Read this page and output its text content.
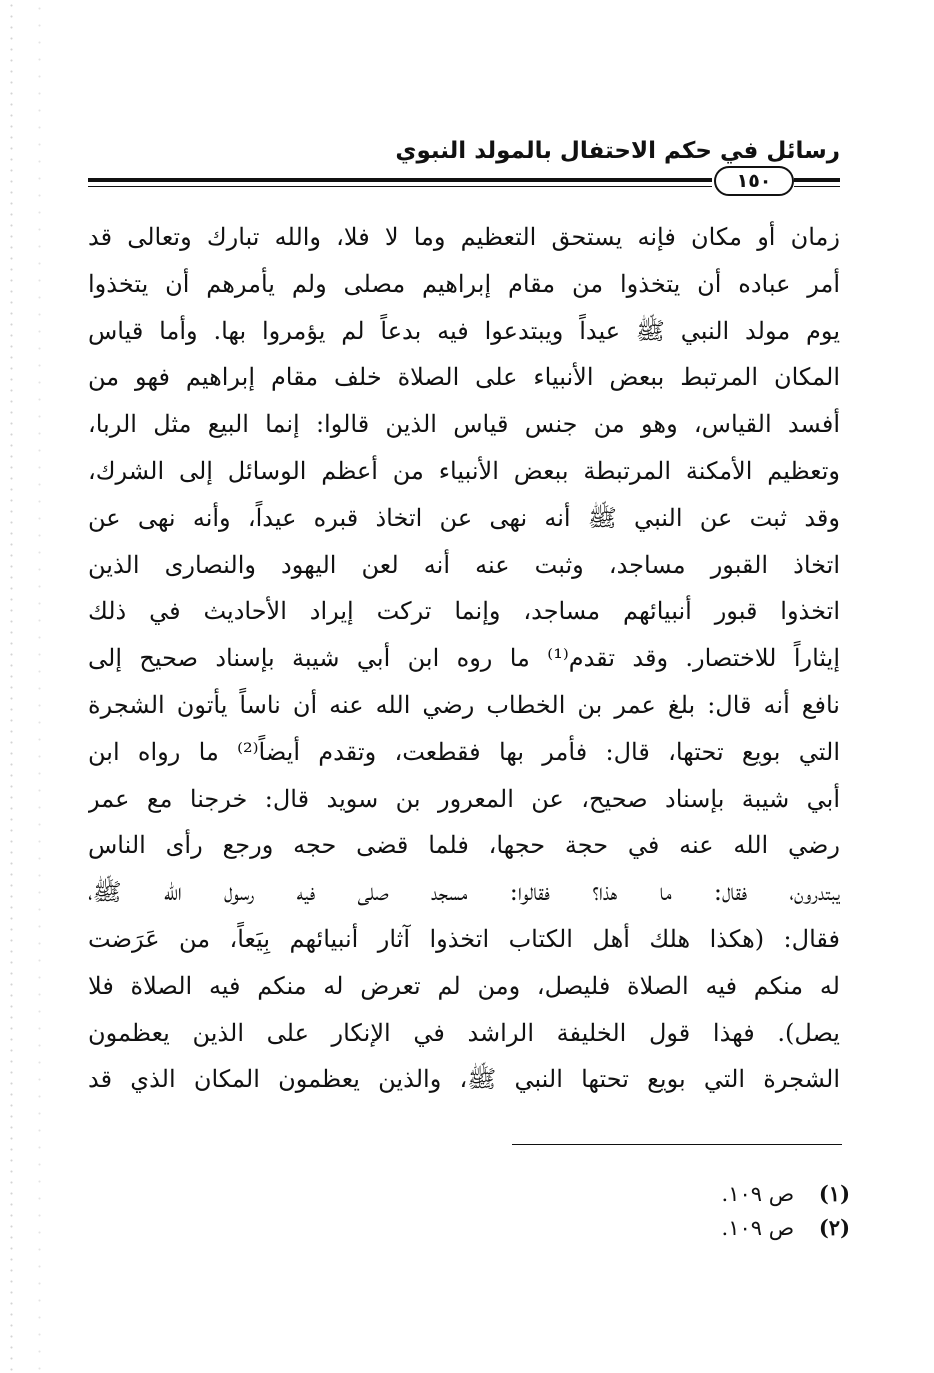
رسائل في حكم الاحتفال بالمولد النبوي
١٥٠
زمان أو مكان فإنه يستحق التعظيم وما لا فلا، والله تبارك وتعالى قد
أمر عباده أن يتخذوا من مقام إبراهيم مصلى ولم يأمرهم أن يتخذوا
يوم مولد النبي ﷺ عيداً ويبتدعوا فيه بدعاً لم يؤمروا بها. وأما قياس
المكان المرتبط ببعض الأنبياء على الصلاة خلف مقام إبراهيم فهو من
أفسد القياس، وهو من جنس قياس الذين قالوا: إنما البيع مثل الربا،
وتعظيم الأمكنة المرتبطة ببعض الأنبياء من أعظم الوسائل إلى الشرك،
وقد ثبت عن النبي ﷺ أنه نهى عن اتخاذ قبره عيداً، وأنه نهى عن
اتخاذ القبور مساجد، وثبت عنه أنه لعن اليهود والنصارى الذين
اتخذوا قبور أنبيائهم مساجد، وإنما تركت إيراد الأحاديث في ذلك
إيثاراً للاختصار. وقد تقدم⁽¹⁾ ما روه ابن أبي شيبة بإسناد صحيح إلى
نافع أنه قال: بلغ عمر بن الخطاب رضي الله عنه أن ناساً يأتون الشجرة
التي بويع تحتها، قال: فأمر بها فقطعت، وتقدم أيضاً⁽²⁾ ما رواه ابن
أبي شيبة بإسناد صحيح، عن المعرور بن سويد قال: خرجنا مع عمر
رضي الله عنه في حجة حجها، فلما قضى حجه ورجع رأى الناس
يبتدرون، فقال: ما هذا؟ فقالوا: مسجد صلى فيه رسول الله ﷺ،
فقال: (هكذا هلك أهل الكتاب اتخذوا آثار أنبيائهم بِيَعاً، من عَرَضت
له منكم فيه الصلاة فليصل، ومن لم تعرض له منكم فيه الصلاة فلا
يصل). فهذا قول الخليفة الراشد في الإنكار على الذين يعظمون
الشجرة التي بويع تحتها النبي ﷺ، والذين يعظمون المكان الذي قد
(١) ص ١٠٩.
(٢) ص ١٠٩.
